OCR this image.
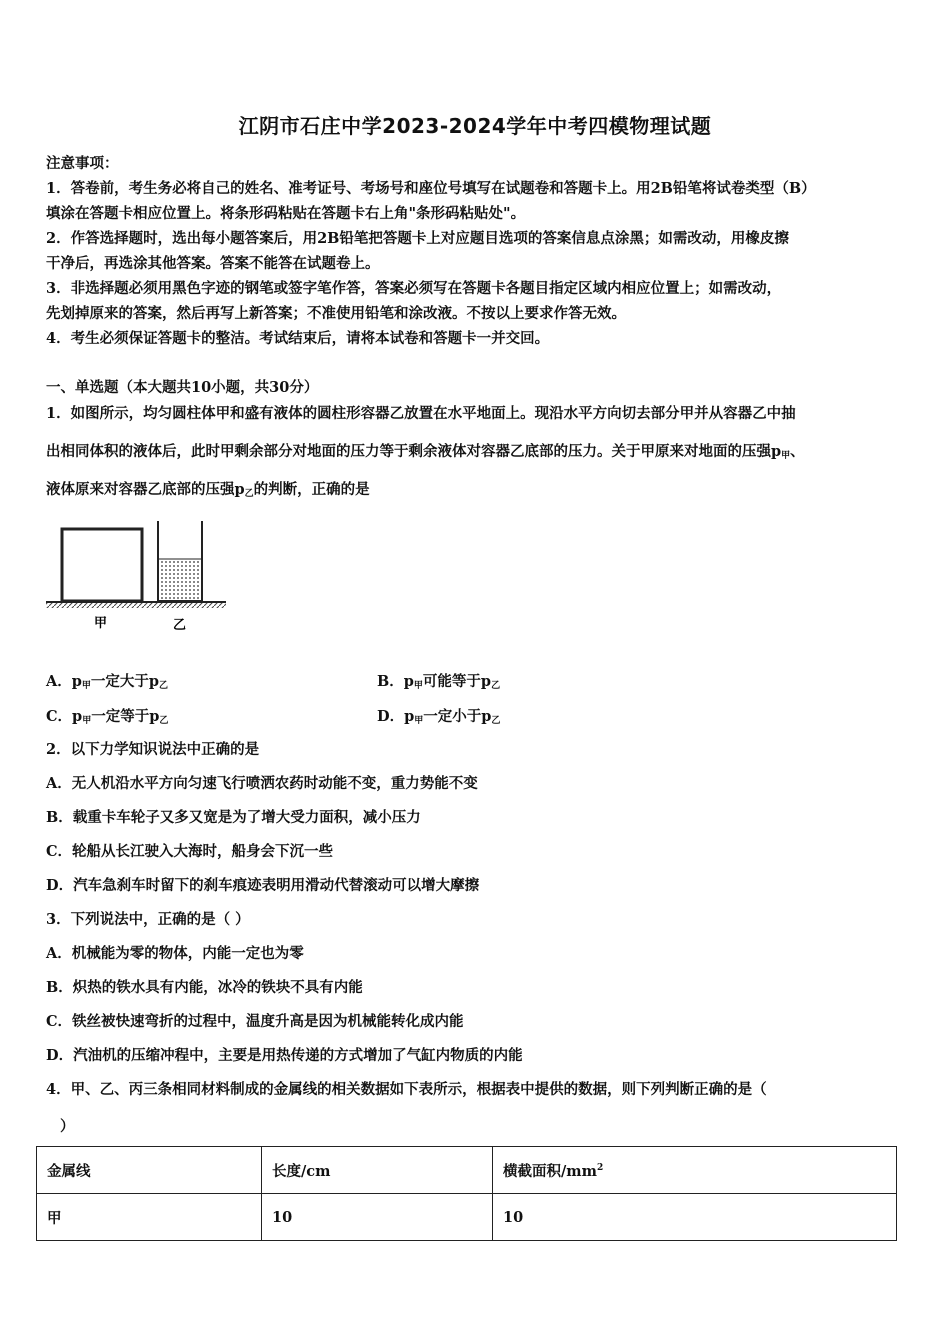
江阴市石庄中学2023-2024学年中考四模物理试题
注意事项：
1．答卷前，考生务必将自己的姓名、准考证号、考场号和座位号填写在试题卷和答题卡上。用2B铅笔将试卷类型（B）
填涂在答题卡相应位置上。将条形码粘贴在答题卡右上角"条形码粘贴处"。
2．作答选择题时，选出每小题答案后，用2B铅笔把答题卡上对应题目选项的答案信息点涂黑；如需改动，用橡皮擦
干净后，再选涂其他答案。答案不能答在试题卷上。
3．非选择题必须用黑色字迹的钢笔或签字笔作答，答案必须写在答题卡各题目指定区域内相应位置上；如需改动，
先划掉原来的答案，然后再写上新答案；不准使用铅笔和涂改液。不按以上要求作答无效。
4．考生必须保证答题卡的整洁。考试结束后，请将本试卷和答题卡一并交回。
一、单选题（本大题共10小题，共30分）
1．如图所示，均匀圆柱体甲和盛有液体的圆柱形容器乙放置在水平地面上。现沿水平方向切去部分甲并从容器乙中抽
出相同体积的液体后，此时甲剩余部分对地面的压力等于剩余液体对容器乙底部的压力。关于甲原来对地面的压强$p_甲$、
液体原来对容器乙底部的压强$p_乙$的判断，正确的是
甲	乙
A．$p_甲$一定大于$p_乙$	B．$p_甲$可能等于$p_乙$
C．$p_甲$一定等于$p_乙$	D．$p_甲$一定小于$p_乙$
2．以下力学知识说法中正确的是
A．无人机沿水平方向匀速飞行喷洒农药时动能不变，重力势能不变
B．载重卡车轮子又多又宽是为了增大受力面积，减小压力
C．轮船从长江驶入大海时，船身会下沉一些
D．汽车急刹车时留下的刹车痕迹表明用滑动代替滚动可以增大摩擦
3．下列说法中，正确的是（ ）
A．机械能为零的物体，内能一定也为零
B．炽热的铁水具有内能，冰冷的铁块不具有内能
C．铁丝被快速弯折的过程中，温度升高是因为机械能转化成内能
D．汽油机的压缩冲程中，主要是用热传递的方式增加了气缸内物质的内能
4．甲、乙、丙三条相同材料制成的金属线的相关数据如下表所示，根据表中提供的数据，则下列判断正确的是（
）
金属线	长度/cm	横截面积$/mm^2$
甲	10	10
